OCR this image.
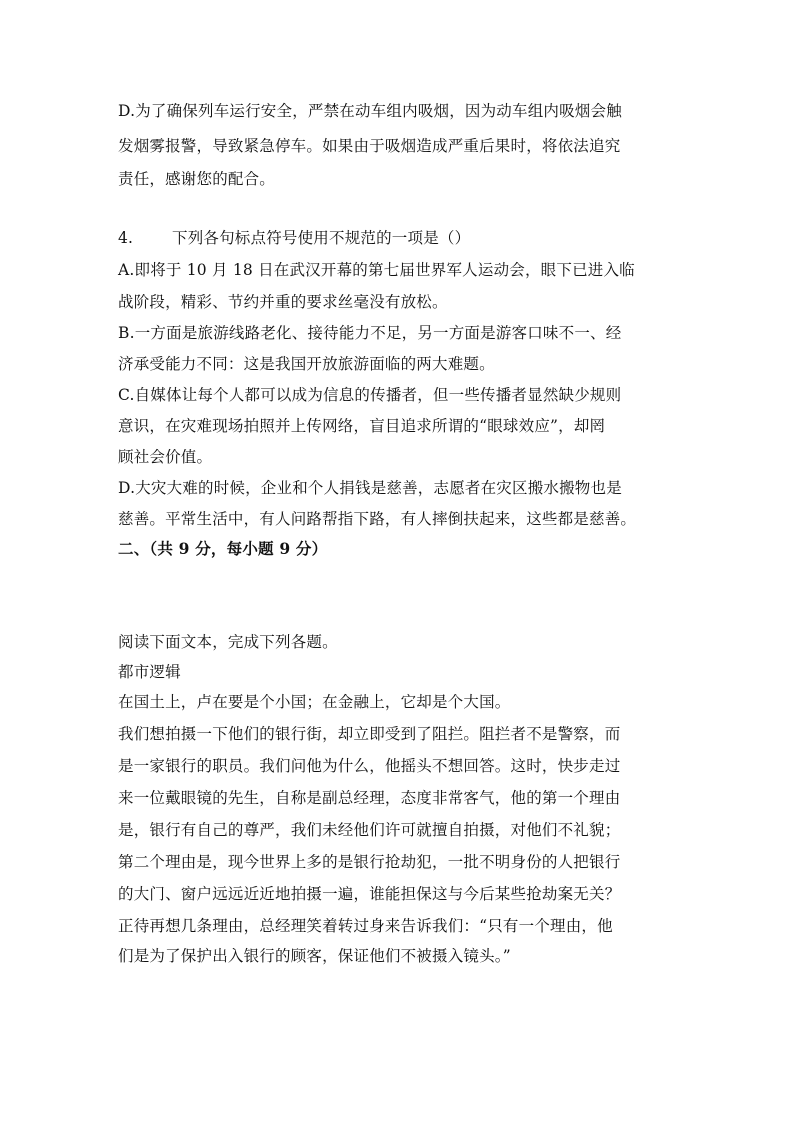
D.为了确保列车运行安全，严禁在动车组内吸烟，因为动车组内吸烟会触
发烟雾报警，导致紧急停车。如果由于吸烟造成严重后果时，将依法追究
责任，感谢您的配合。
4.	下列各句标点符号使用不规范的一项是（）
A.即将于 10 月 18 日在武汉开幕的第七届世界军人运动会，眼下已进入临
战阶段，精彩、节约并重的要求丝毫没有放松。
B.一方面是旅游线路老化、接待能力不足，另一方面是游客口味不一、经
济承受能力不同：这是我国开放旅游面临的两大难题。
C.自媒体让每个人都可以成为信息的传播者，但一些传播者显然缺少规则
意识，在灾难现场拍照并上传网络，盲目追求所谓的“眼球效应”，却罔
顾社会价值。
D.大灾大难的时候，企业和个人捐钱是慈善，志愿者在灾区搬水搬物也是
慈善。平常生活中，有人问路帮指下路，有人摔倒扶起来，这些都是慈善。
二、（共 9 分，每小题 9 分）
阅读下面文本，完成下列各题。
都市逻辑
在国土上，卢在要是个小国；在金融上，它却是个大国。
我们想拍摄一下他们的银行街，却立即受到了阻拦。阻拦者不是警察，而
是一家银行的职员。我们问他为什么，他摇头不想回答。这时，快步走过
来一位戴眼镜的先生，自称是副总经理，态度非常客气，他的第一个理由
是，银行有自己的尊严，我们未经他们许可就擅自拍摄，对他们不礼貌；
第二个理由是，现今世界上多的是银行抢劫犯，一批不明身份的人把银行
的大门、窗户远远近近地拍摄一遍，谁能担保这与今后某些抢劫案无关？
正待再想几条理由，总经理笑着转过身来告诉我们：“只有一个理由，他
们是为了保护出入银行的顾客，保证他们不被摄入镜头。”
